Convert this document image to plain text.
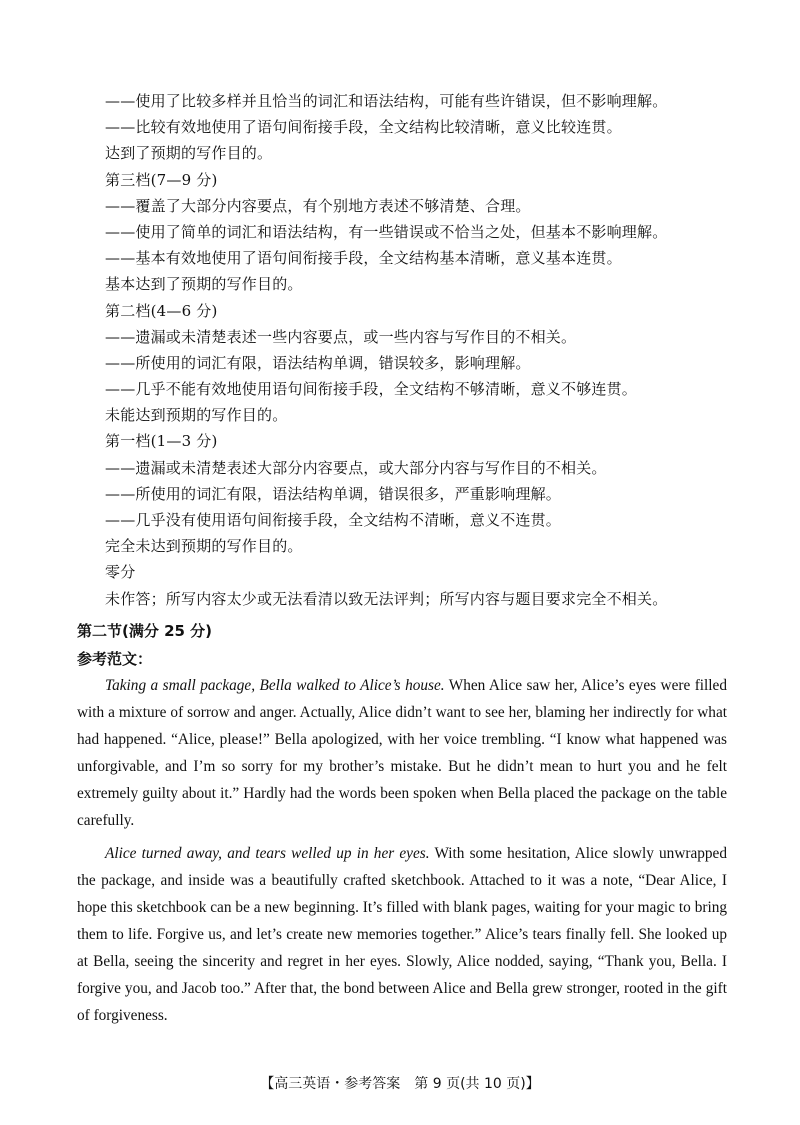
——使用了比较多样并且恰当的词汇和语法结构，可能有些许错误，但不影响理解。
——比较有效地使用了语句间衔接手段，全文结构比较清晰，意义比较连贯。
达到了预期的写作目的。
第三档(7—9 分)
——覆盖了大部分内容要点，有个别地方表述不够清楚、合理。
——使用了简单的词汇和语法结构，有一些错误或不恰当之处，但基本不影响理解。
——基本有效地使用了语句间衔接手段，全文结构基本清晰，意义基本连贯。
基本达到了预期的写作目的。
第二档(4—6 分)
——遗漏或未清楚表述一些内容要点，或一些内容与写作目的不相关。
——所使用的词汇有限，语法结构单调，错误较多，影响理解。
——几乎不能有效地使用语句间衔接手段，全文结构不够清晰，意义不够连贯。
未能达到预期的写作目的。
第一档(1—3 分)
——遗漏或未清楚表述大部分内容要点，或大部分内容与写作目的不相关。
——所使用的词汇有限，语法结构单调，错误很多，严重影响理解。
——几乎没有使用语句间衔接手段，全文结构不清晰，意义不连贯。
完全未达到预期的写作目的。
零分
未作答；所写内容太少或无法看清以致无法评判；所写内容与题目要求完全不相关。
第二节(满分 25 分)
参考范文：

Taking a small package, Bella walked to Alice’s house. When Alice saw her, Alice’s eyes were filled with a mixture of sorrow and anger. Actually, Alice didn’t want to see her, blaming her indirectly for what had happened. “Alice, please!” Bella apologized, with her voice trembling. “I know what happened was unforgivable, and I’m so sorry for my brother’s mistake. But he didn’t mean to hurt you and he felt extremely guilty about it.” Hardly had the words been spoken when Bella placed the package on the table carefully.

Alice turned away, and tears welled up in her eyes. With some hesitation, Alice slowly unwrapped the package, and inside was a beautifully crafted sketchbook. Attached to it was a note, “Dear Alice, I hope this sketchbook can be a new beginning. It’s filled with blank pages, waiting for your magic to bring them to life. Forgive us, and let’s create new memories together.” Alice’s tears finally fell. She looked up at Bella, seeing the sincerity and regret in her eyes. Slowly, Alice nodded, saying, “Thank you, Bella. I forgive you, and Jacob too.” After that, the bond between Alice and Bella grew stronger, rooted in the gift of forgiveness.

【高三英语・参考答案　第 9 页(共 10 页)】
